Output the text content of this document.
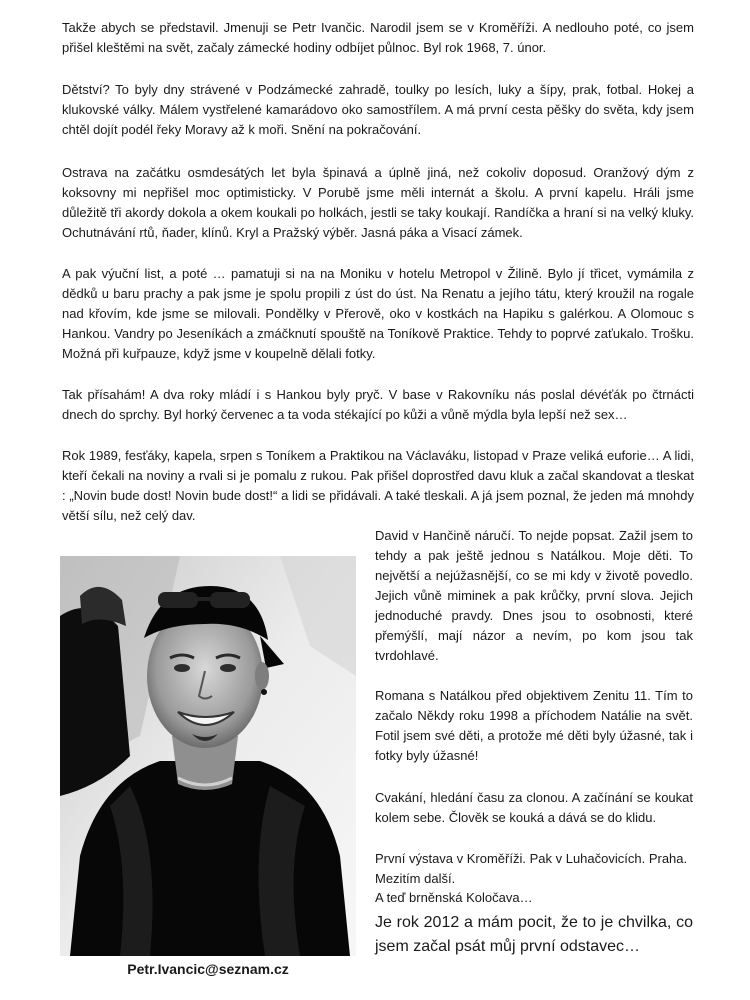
Takže abych se představil. Jmenuji se Petr Ivančic. Narodil jsem se v Kroměříži. A nedlouho poté, co jsem přišel kleštěmi na svět, začaly zámecké hodiny odbíjet půlnoc. Byl rok 1968, 7. únor.

Dětství? To byly dny strávené v Podzámecké zahradě, toulky po lesích, luky a šípy, prak, fotbal. Hokej a klukovské války. Málem vystřelené kamarádovo oko samostřílem. A má první cesta pěšky do světa, kdy jsem chtěl dojít podél řeky Moravy až k moři. Snění na pokračování.

Ostrava na začátku osmdesátých let byla špinavá a úplně jiná, než cokoliv doposud. Oranžový dým z koksovny mi nepřišel moc optimisticky. V Porubě jsme měli internát a školu. A první kapelu. Hráli jsme důležitě tři akordy dokola a okem koukali po holkách, jestli se taky koukají. Randíčka a hraní si na velký kluky. Ochutnávání rtů, ňader, klínů. Kryl a Pražský výběr. Jasná páka a Visací zámek.

A pak výuční list, a poté … pamatuji si na na Moniku v hotelu Metropol v Žilině. Bylo jí třicet, vymámila z dědků u baru prachy a pak jsme je spolu propili z úst do úst. Na Renatu a jejího tátu, který kroužil na rogale nad křovím, kde jsme se milovali. Pondělky v Přerově, oko v kostkách na Hapiku s galérkou. A Olomouc s Hankou. Vandry po Jeseníkách a zmáčknutí spouště na Toníkově Praktice. Tehdy to poprvé zaťukalo. Trošku. Možná při kuřpauze, když jsme v koupelně dělali fotky.

Tak přísahám! A dva roky mládí i s Hankou byly pryč. V base v Rakovníku nás poslal dévéťák po čtrnácti dnech do sprchy. Byl horký červenec a ta voda stékající po kůži a vůně mýdla byla lepší než sex…

Rok 1989, fesťáky, kapela, srpen s Toníkem a Praktikou na Václaváku, listopad v Praze veliká euforie… A lidi, kteří čekali na noviny a rvali si je pomalu z rukou. Pak přišel doprostřed davu kluk a začal skandovat a tleskat : „Novin bude dost! Novin bude dost!“ a lidi se přidávali. A také tleskali. A já jsem poznal, že jeden má mnohdy větší sílu, než celý dav.

Petr.Ivancic@seznam.cz

David v Hančině náručí. To nejde popsat. Zažil jsem to tehdy a pak ještě jednou s Natálkou. Moje děti. To největší a nejúžasnější, co se mi kdy v životě povedlo. Jejich vůně miminek a pak krůčky, první slova. Jejich jednoduché pravdy. Dnes jsou to osobnosti, které přemýšlí, mají názor a nevím, po kom jsou tak tvrdohlavé.

Romana s Natálkou před objektivem Zenitu 11. Tím to začalo Někdy roku 1998 a příchodem Natálie na svět. Fotil jsem své děti, a protože mé děti byly úžasné, tak i fotky byly úžasné!

Cvakání, hledání času za clonou. A začínání se koukat kolem sebe. Člověk se kouká a dává se do klidu.

První výstava v Kroměříži. Pak v Luhačovicích. Praha. Mezitím další.

A teď brněnská Koločava…

Je rok 2012 a mám pocit, že to je chvilka, co jsem začal psát můj první odstavec…
